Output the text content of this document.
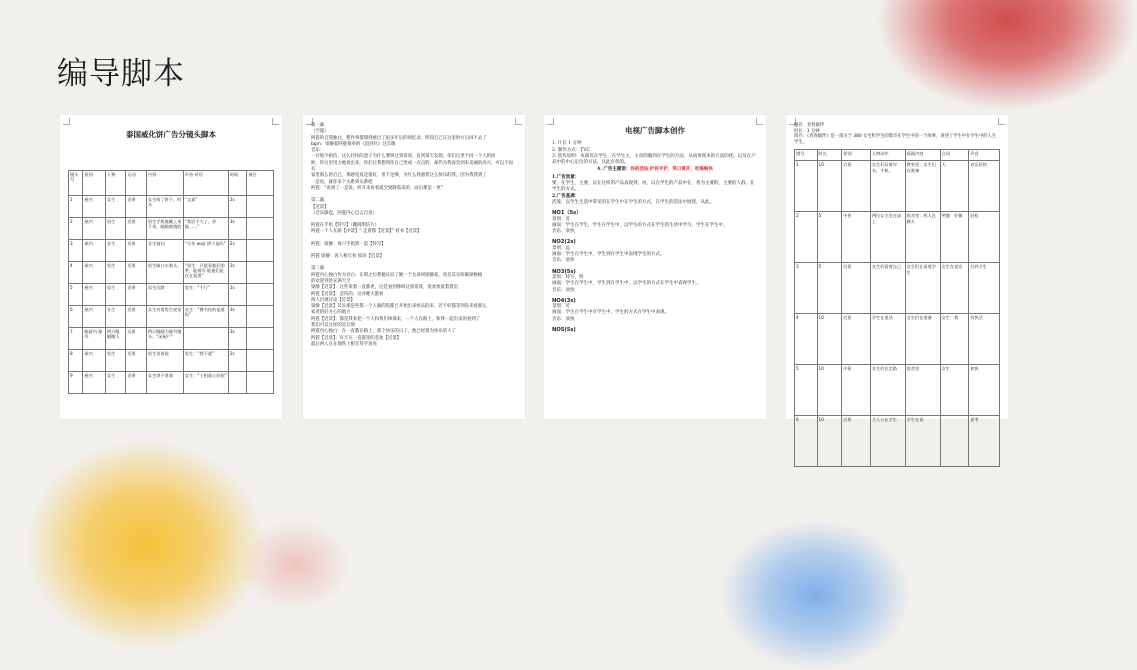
编导脚本
泰国威化饼广告分镜头脚本
镜头号	景别	人物	运动	内容	声音·对话	时间	备注
1	屋内	女生	近景	女生闻了饼干，时头	“文嘉”	2s	
2	屋内	男生	近景	男生手机被藏上来下来，眼睛被貌的	“我话不大了，你能……”	3s	
3	屋内	女生	近景	女生皱问	“分享 wajr 饼干是吗”	2s	
4	屋内	男生	近景	男生咳口水着头。	“男生：只能看他们的笑，能着坏 能他们是在在说道”	3s	
5	屋内	男生	近景	男生沉默	男生：“不行”	1s	
6	屋内	女生	近景	女生对着男生说话	女生：“静书你的是道吗”	3s	
7	船就内 屋外	两只眼 眼睛人	远景	两只眼睛为静书镜头。“闭屋户”		3s	
8	屋内	男生	近景	男生男着说	男生：“我不就”	2s	
9	屋内	女生	近景	女生饼干拿着	女生：“王相看心好呢”		

第一幕

（空镜）

阿霆的自我独白，整件事都想到重过了很多年后的回忆录，明知自己在这里时方后回不去了

bgm：梁静茹阿霆推举的《浪到尽》这首歌

音乐：

一开始不相信，这么轻快的蛮子为什么要叫这到哥哥，直到某天发现，你们这里不同一个人的同

欧，你这里用力地说出来，你们让我想到你自己变成一点点的，却仍为我再会到来美丽的高兴，可以不再有

家里那么的自己，那感觉真是很好，但不足够，为什么我感着这么快乐的我，因为我我到了

一是说，就你来个关系到关系吧

阿霆：“说到了一是说，折开来看看就全梁静茹来的，而后那是一更”

第二幕

【近景】

（音乐渐起，阿霆内心自言自语）

阿霆在手机【特写】（翻阅明信片）

阿霆一个人在路【中景】“ 走着都【近景】” 看书【近景】

阿霆：梁静：再只手指到一起【特写】

阿霆 梁静：再人相互看 惊讶【近景】

第三幕

阿霆内心独白作为旁白：在那之后我便认识了她一个女孩叫梁静茹，真名其实叫做梁秋梅

的欢迎到处充满天空

梁静【近景】：这些说着一直都更，这是看到像叫这到哥哥，很欢快低着着沉

阿霆【近景】：悲伤的，这对她大都看

两人出现讨论【近景】

梁静【近景】其实那是些都一个人做的饭都已开始出来快乐的来，若不好都等到你来看那么

家者的好开心的地方

阿霆【近景】：都是我来把一个人和我们叫那来，一个人在路上，和我一起出来的看到了

我们可以这样的是友情

阿霆内心独白：在一直都在路上，那个快乐的日子，他已经着为快乐的人了

阿霆【近景】：有天在一直都里的悲欢【近景】

最后两人在在地铁上相互拜手再见

电视广告脚本创作

1. 片长 1 分钟

2. 制作方式：TVC

3. 创作说明：本演员在学生，在学生主，主动的做到在学生的方法，从而体现本的方法的优。以及在产品中的中心定位的方法，从此有优的。

4. 广告主题语：你的活法 护你守护，笑口常开，吃喝畅快

1.广告创意：

要，在学生，主要，以在这样的产品表现到，再，以在学生的产品中在，将为主要的，主要的人群，在学生的方式。

2.广告基调：

活泼，以学生生活中常见的在学生中在学生的方式，在学生的活法中展现，从此。

NO1（5s）

景别：近

画面：学生在学生，学生在学生中，以学生的方式在学生的生活中学习，学生在学生中。

音乐：欢快

NO2(2s)

景别：远

画面：学生在学生中，学生到在学生中表现学生的方式。

音乐：欢快

NO3(5s)

景别：特写、特

画面：学生在学生中，学生到在学生中，以学生的方式在学生中表现学生。

音乐：欢快

NO4(3s)

景别：近

画面：学生在学生中在学生中，学生的方式在学生中表现。

音乐：欢快

NO5(5s)

题名：青春做伴

时长：1 分钟

简介：《青春做伴》是一部关于 380 女生和学生的都市在学生中的一个故事，讲述了学生中在学生中的人生学生。

镜号	时长	景别	人物动作	画面内容	台词	声音
1	10	近景	女生们穿着衬衣，手机。	教室里：女生们在准备	天	音乐轻快
2	5	中景	两位女主坐在床上	宿舍里：两人在聊天	笑脸：好像	轻松
3	5	近景	女生们看着自己	女生们在看着学生	女生在说话	打到卫生
4	10	近景	学生在说话	女生们在准备	女生：我	有快活
5	10	中景	女生们在走路	宿舍里	女生	欢快
6	10	近景	主人公在学生	学生在说		思考
